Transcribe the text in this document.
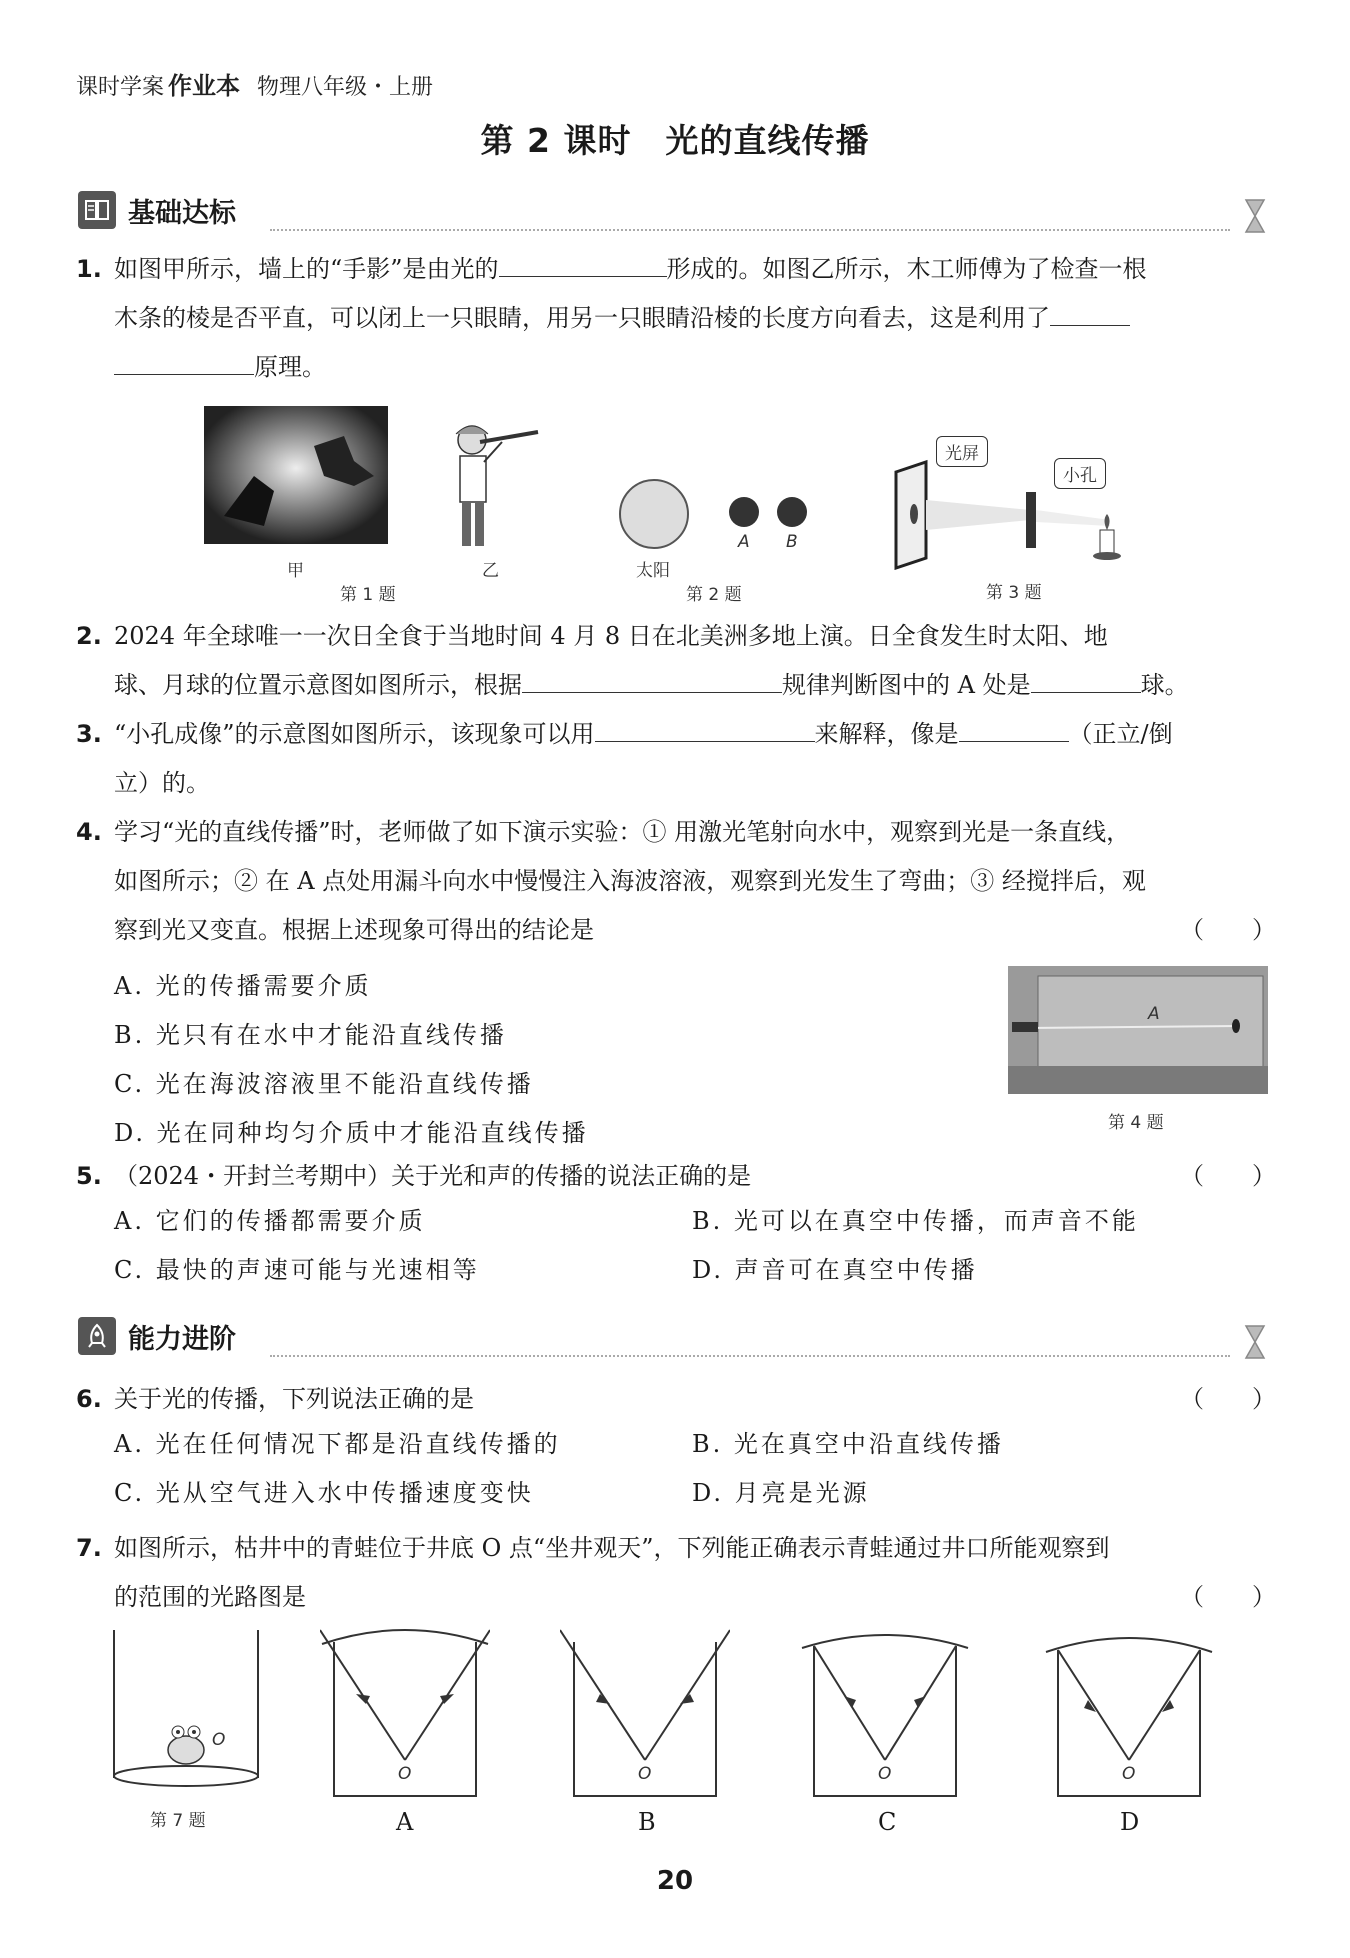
课时学案 作业本 物理八年级・上册
第 2 课时　光的直线传播
基础达标
1. 如图甲所示，墙上的“手影”是由光的	形成的。如图乙所示，木工师傅为了检查一根
木条的棱是否平直，可以闭上一只眼睛，用另一只眼睛沿棱的长度方向看去，这是利用了
原理。
甲	乙
第 1 题
太阳
A B
第 2 题
光屏
小孔
第 3 题
2. 2024 年全球唯一一次日全食于当地时间 4 月 8 日在北美洲多地上演。日全食发生时太阳、地
球、月球的位置示意图如图所示，根据	规律判断图中的 A 处是	球。
3. “小孔成像”的示意图如图所示，该现象可以用	来解释，像是	（正立/倒
立）的。
4. 学习“光的直线传播”时，老师做了如下演示实验：① 用激光笔射向水中，观察到光是一条直线，
如图所示；② 在 A 点处用漏斗向水中慢慢注入海波溶液，观察到光发生了弯曲；③ 经搅拌后，观
察到光又变直。根据上述现象可得出的结论是	（　　）
A. 光的传播需要介质
B. 光只有在水中才能沿直线传播
C. 光在海波溶液里不能沿直线传播
D. 光在同种均匀介质中才能沿直线传播
A
第 4 题
5. （2024・开封兰考期中）关于光和声的传播的说法正确的是	（　　）
A. 它们的传播都需要介质	B. 光可以在真空中传播，而声音不能
C. 最快的声速可能与光速相等	D. 声音可在真空中传播
能力进阶
6. 关于光的传播，下列说法正确的是	（　　）
A. 光在任何情况下都是沿直线传播的	B. 光在真空中沿直线传播
C. 光从空气进入水中传播速度变快	D. 月亮是光源
7. 如图所示，枯井中的青蛙位于井底 O 点“坐井观天”，下列能正确表示青蛙通过井口所能观察到
的范围的光路图是	（　　）
O
第 7 题
O
A
O
B
O
C
O
D
20
